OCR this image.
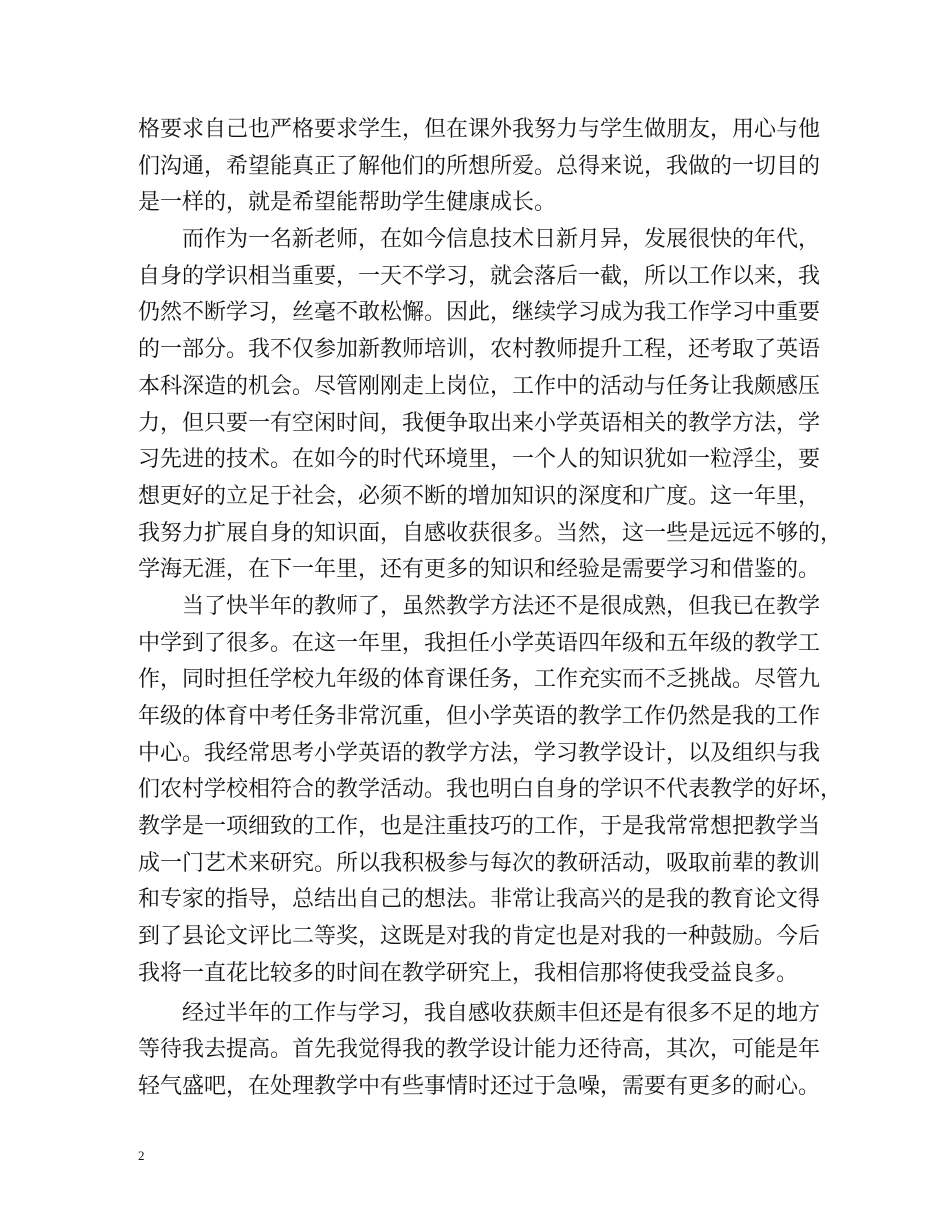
格要求自己也严格要求学生，但在课外我努力与学生做朋友，用心与他
们沟通，希望能真正了解他们的所想所爱。总得来说，我做的一切目的
是一样的，就是希望能帮助学生健康成长。
而作为一名新老师，在如今信息技术日新月异，发展很快的年代，
自身的学识相当重要，一天不学习，就会落后一截，所以工作以来，我
仍然不断学习，丝毫不敢松懈。因此，继续学习成为我工作学习中重要
的一部分。我不仅参加新教师培训，农村教师提升工程，还考取了英语
本科深造的机会。尽管刚刚走上岗位，工作中的活动与任务让我颇感压
力，但只要一有空闲时间，我便争取出来小学英语相关的教学方法，学
习先进的技术。在如今的时代环境里，一个人的知识犹如一粒浮尘，要
想更好的立足于社会，必须不断的增加知识的深度和广度。这一年里，
我努力扩展自身的知识面，自感收获很多。当然，这一些是远远不够的，
学海无涯，在下一年里，还有更多的知识和经验是需要学习和借鉴的。
当了快半年的教师了，虽然教学方法还不是很成熟，但我已在教学
中学到了很多。在这一年里，我担任小学英语四年级和五年级的教学工
作，同时担任学校九年级的体育课任务，工作充实而不乏挑战。尽管九
年级的体育中考任务非常沉重，但小学英语的教学工作仍然是我的工作
中心。我经常思考小学英语的教学方法，学习教学设计，以及组织与我
们农村学校相符合的教学活动。我也明白自身的学识不代表教学的好坏，
教学是一项细致的工作，也是注重技巧的工作，于是我常常想把教学当
成一门艺术来研究。所以我积极参与每次的教研活动，吸取前辈的教训
和专家的指导，总结出自己的想法。非常让我高兴的是我的教育论文得
到了县论文评比二等奖，这既是对我的肯定也是对我的一种鼓励。今后
我将一直花比较多的时间在教学研究上，我相信那将使我受益良多。
经过半年的工作与学习，我自感收获颇丰但还是有很多不足的地方
等待我去提高。首先我觉得我的教学设计能力还待高，其次，可能是年
轻气盛吧，在处理教学中有些事情时还过于急噪，需要有更多的耐心。
2
